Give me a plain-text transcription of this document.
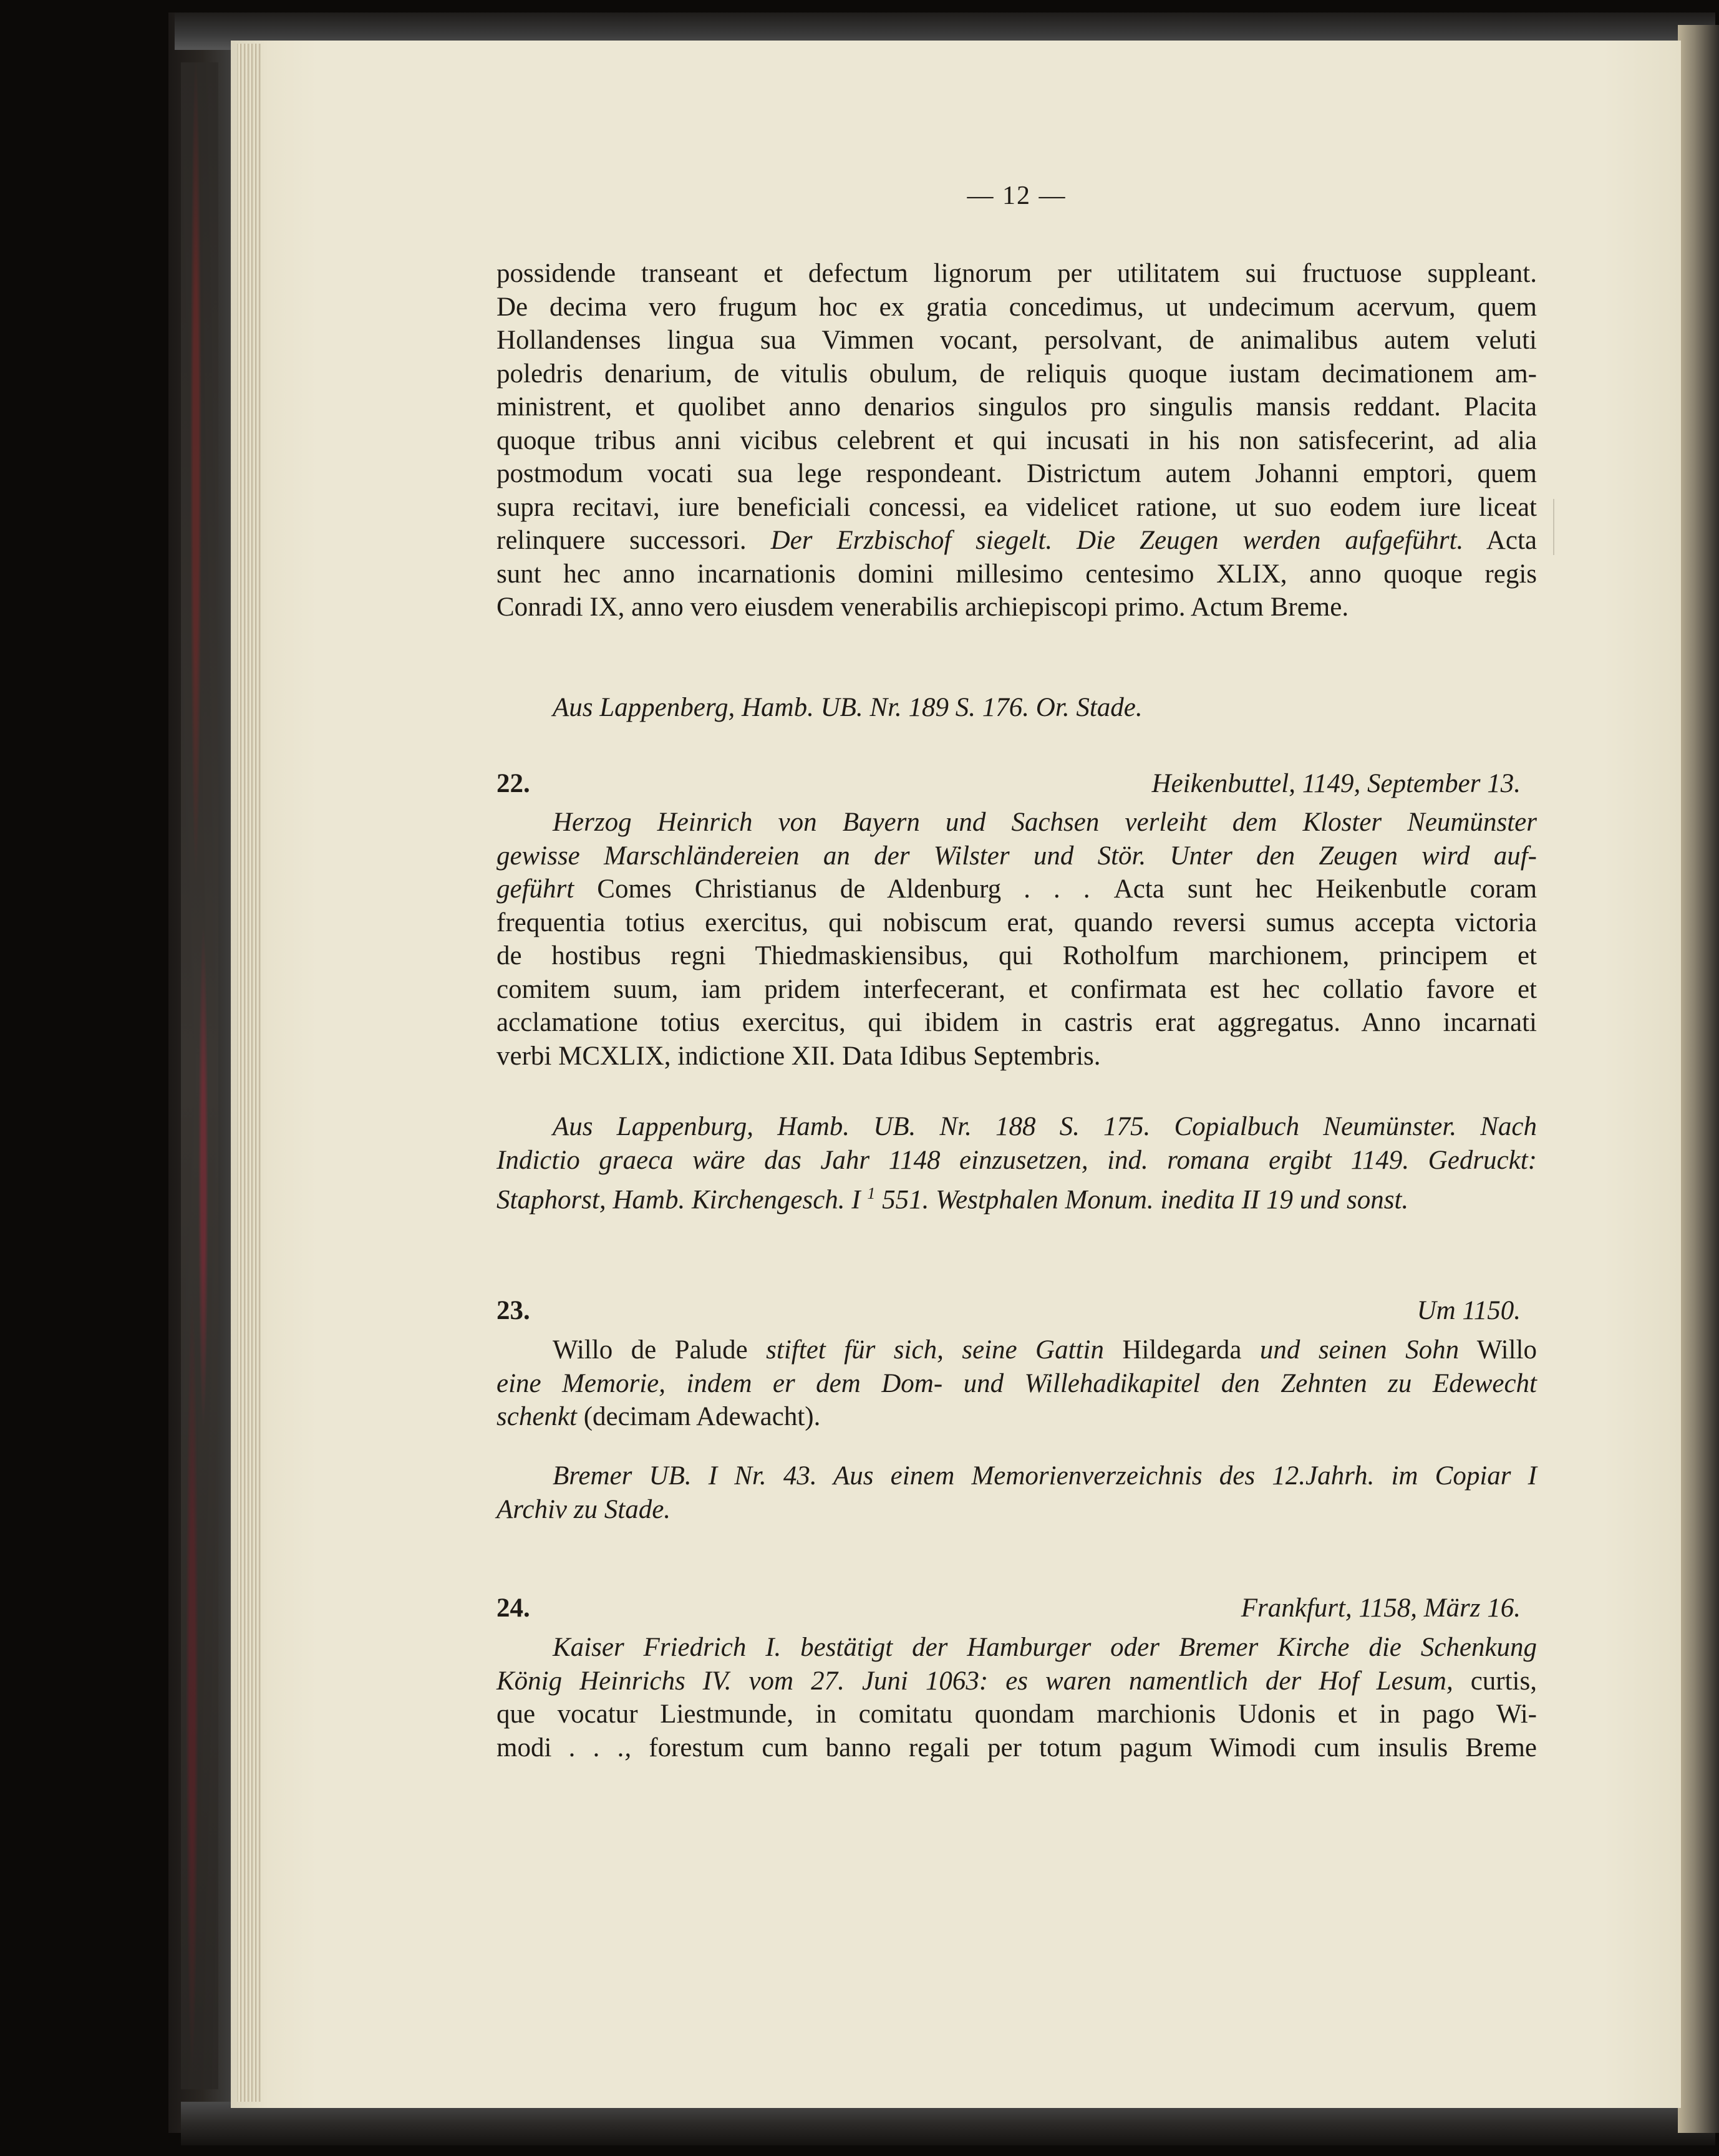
— 12 —
possidende transeant et defectum lignorum per utilitatem sui fructuose suppleant.
De decima vero frugum hoc ex gratia concedimus, ut undecimum acervum, quem
Hollandenses lingua sua Vimmen vocant, persolvant, de animalibus autem veluti
poledris denarium, de vitulis obulum, de reliquis quoque iustam decimationem am-
ministrent, et quolibet anno denarios singulos pro singulis mansis reddant. Placita
quoque tribus anni vicibus celebrent et qui incusati in his non satisfecerint, ad alia
postmodum vocati sua lege respondeant. Districtum autem Johanni emptori, quem
supra recitavi, iure beneficiali concessi, ea videlicet ratione, ut suo eodem iure liceat
relinquere successori. Der Erzbischof siegelt. Die Zeugen werden aufgeführt. Acta
sunt hec anno incarnationis domini millesimo centesimo XLIX, anno quoque regis
Conradi IX, anno vero eiusdem venerabilis archiepiscopi primo. Actum Breme.

Aus Lappenberg, Hamb. UB. Nr. 189 S. 176. Or. Stade.

22.	Heikenbuttel, 1149, September 13.
Herzog Heinrich von Bayern und Sachsen verleiht dem Kloster Neumünster
gewisse Marschländereien an der Wilster und Stör. Unter den Zeugen wird auf-
geführt Comes Christianus de Aldenburg . . . Acta sunt hec Heikenbutle coram
frequentia totius exercitus, qui nobiscum erat, quando reversi sumus accepta victoria
de hostibus regni Thiedmaskiensibus, qui Rotholfum marchionem, principem et
comitem suum, iam pridem interfecerant, et confirmata est hec collatio favore et
acclamatione totius exercitus, qui ibidem in castris erat aggregatus. Anno incarnati
verbi MCXLIX, indictione XII. Data Idibus Septembris.
Aus Lappenburg, Hamb. UB. Nr. 188 S. 175. Copialbuch Neumünster. Nach
Indictio graeca wäre das Jahr 1148 einzusetzen, ind. romana ergibt 1149. Gedruckt:
Staphorst, Hamb. Kirchengesch. I $^1$ 551. Westphalen Monum. inedita II 19 und sonst.
23.	Um 1150.
Willo de Palude stiftet für sich, seine Gattin Hildegarda und seinen Sohn Willo
eine Memorie, indem er dem Dom- und Willehadikapitel den Zehnten zu Edewecht
schenkt (decimam Adewacht).
Bremer UB. I Nr. 43. Aus einem Memorienverzeichnis des 12.Jahrh. im Copiar I
Archiv zu Stade.
24.	Frankfurt, 1158, März 16.
Kaiser Friedrich I. bestätigt der Hamburger oder Bremer Kirche die Schenkung
König Heinrichs IV. vom 27. Juni 1063: es waren namentlich der Hof Lesum, curtis,
que vocatur Liestmunde, in comitatu quondam marchionis Udonis et in pago Wi-
modi . . ., forestum cum banno regali per totum pagum Wimodi cum insulis Breme
